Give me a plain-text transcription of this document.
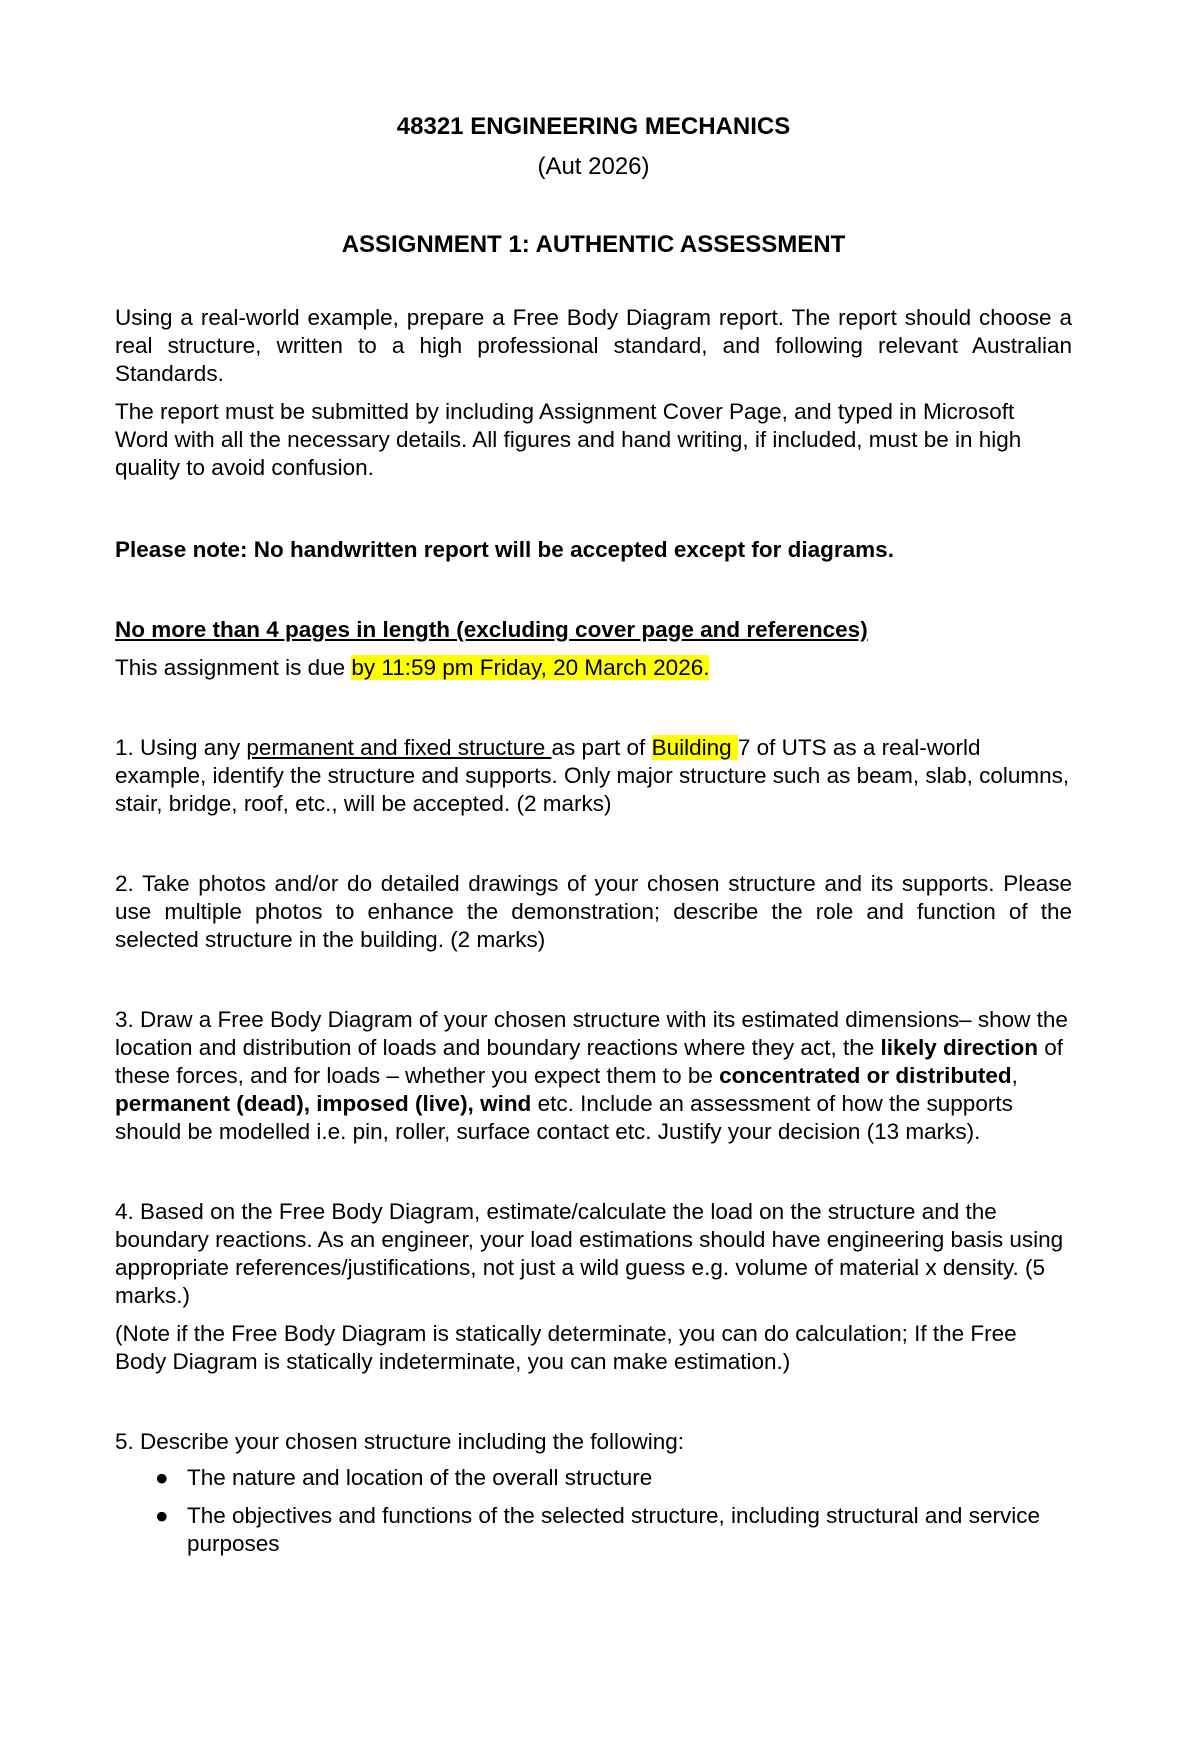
48321 ENGINEERING MECHANICS
(Aut 2026)
ASSIGNMENT 1: AUTHENTIC ASSESSMENT

Using a real-world example, prepare a Free Body Diagram report. The report should choose a real structure, written to a high professional standard, and following relevant Australian Standards.

The report must be submitted by including Assignment Cover Page, and typed in Microsoft Word with all the necessary details. All figures and hand writing, if included, must be in high quality to avoid confusion.

Please note: No handwritten report will be accepted except for diagrams.

No more than 4 pages in length (excluding cover page and references)

This assignment is due by 11:59 pm Friday, 20 March 2026.

1. Using any permanent and fixed structure as part of Building 7 of UTS as a real-world example, identify the structure and supports. Only major structure such as beam, slab, columns, stair, bridge, roof, etc., will be accepted. (2 marks)

2. Take photos and/or do detailed drawings of your chosen structure and its supports. Please use multiple photos to enhance the demonstration; describe the role and function of the selected structure in the building. (2 marks)

3. Draw a Free Body Diagram of your chosen structure with its estimated dimensions– show the location and distribution of loads and boundary reactions where they act, the likely direction of these forces, and for loads – whether you expect them to be concentrated or distributed, permanent (dead), imposed (live), wind etc. Include an assessment of how the supports should be modelled i.e. pin, roller, surface contact etc. Justify your decision (13 marks).

4. Based on the Free Body Diagram, estimate/calculate the load on the structure and the boundary reactions. As an engineer, your load estimations should have engineering basis using appropriate references/justifications, not just a wild guess e.g. volume of material x density. (5 marks.)

(Note if the Free Body Diagram is statically determinate, you can do calculation; If the Free Body Diagram is statically indeterminate, you can make estimation.)

5. Describe your chosen structure including the following:

● The nature and location of the overall structure
● The objectives and functions of the selected structure, including structural and service purposes
